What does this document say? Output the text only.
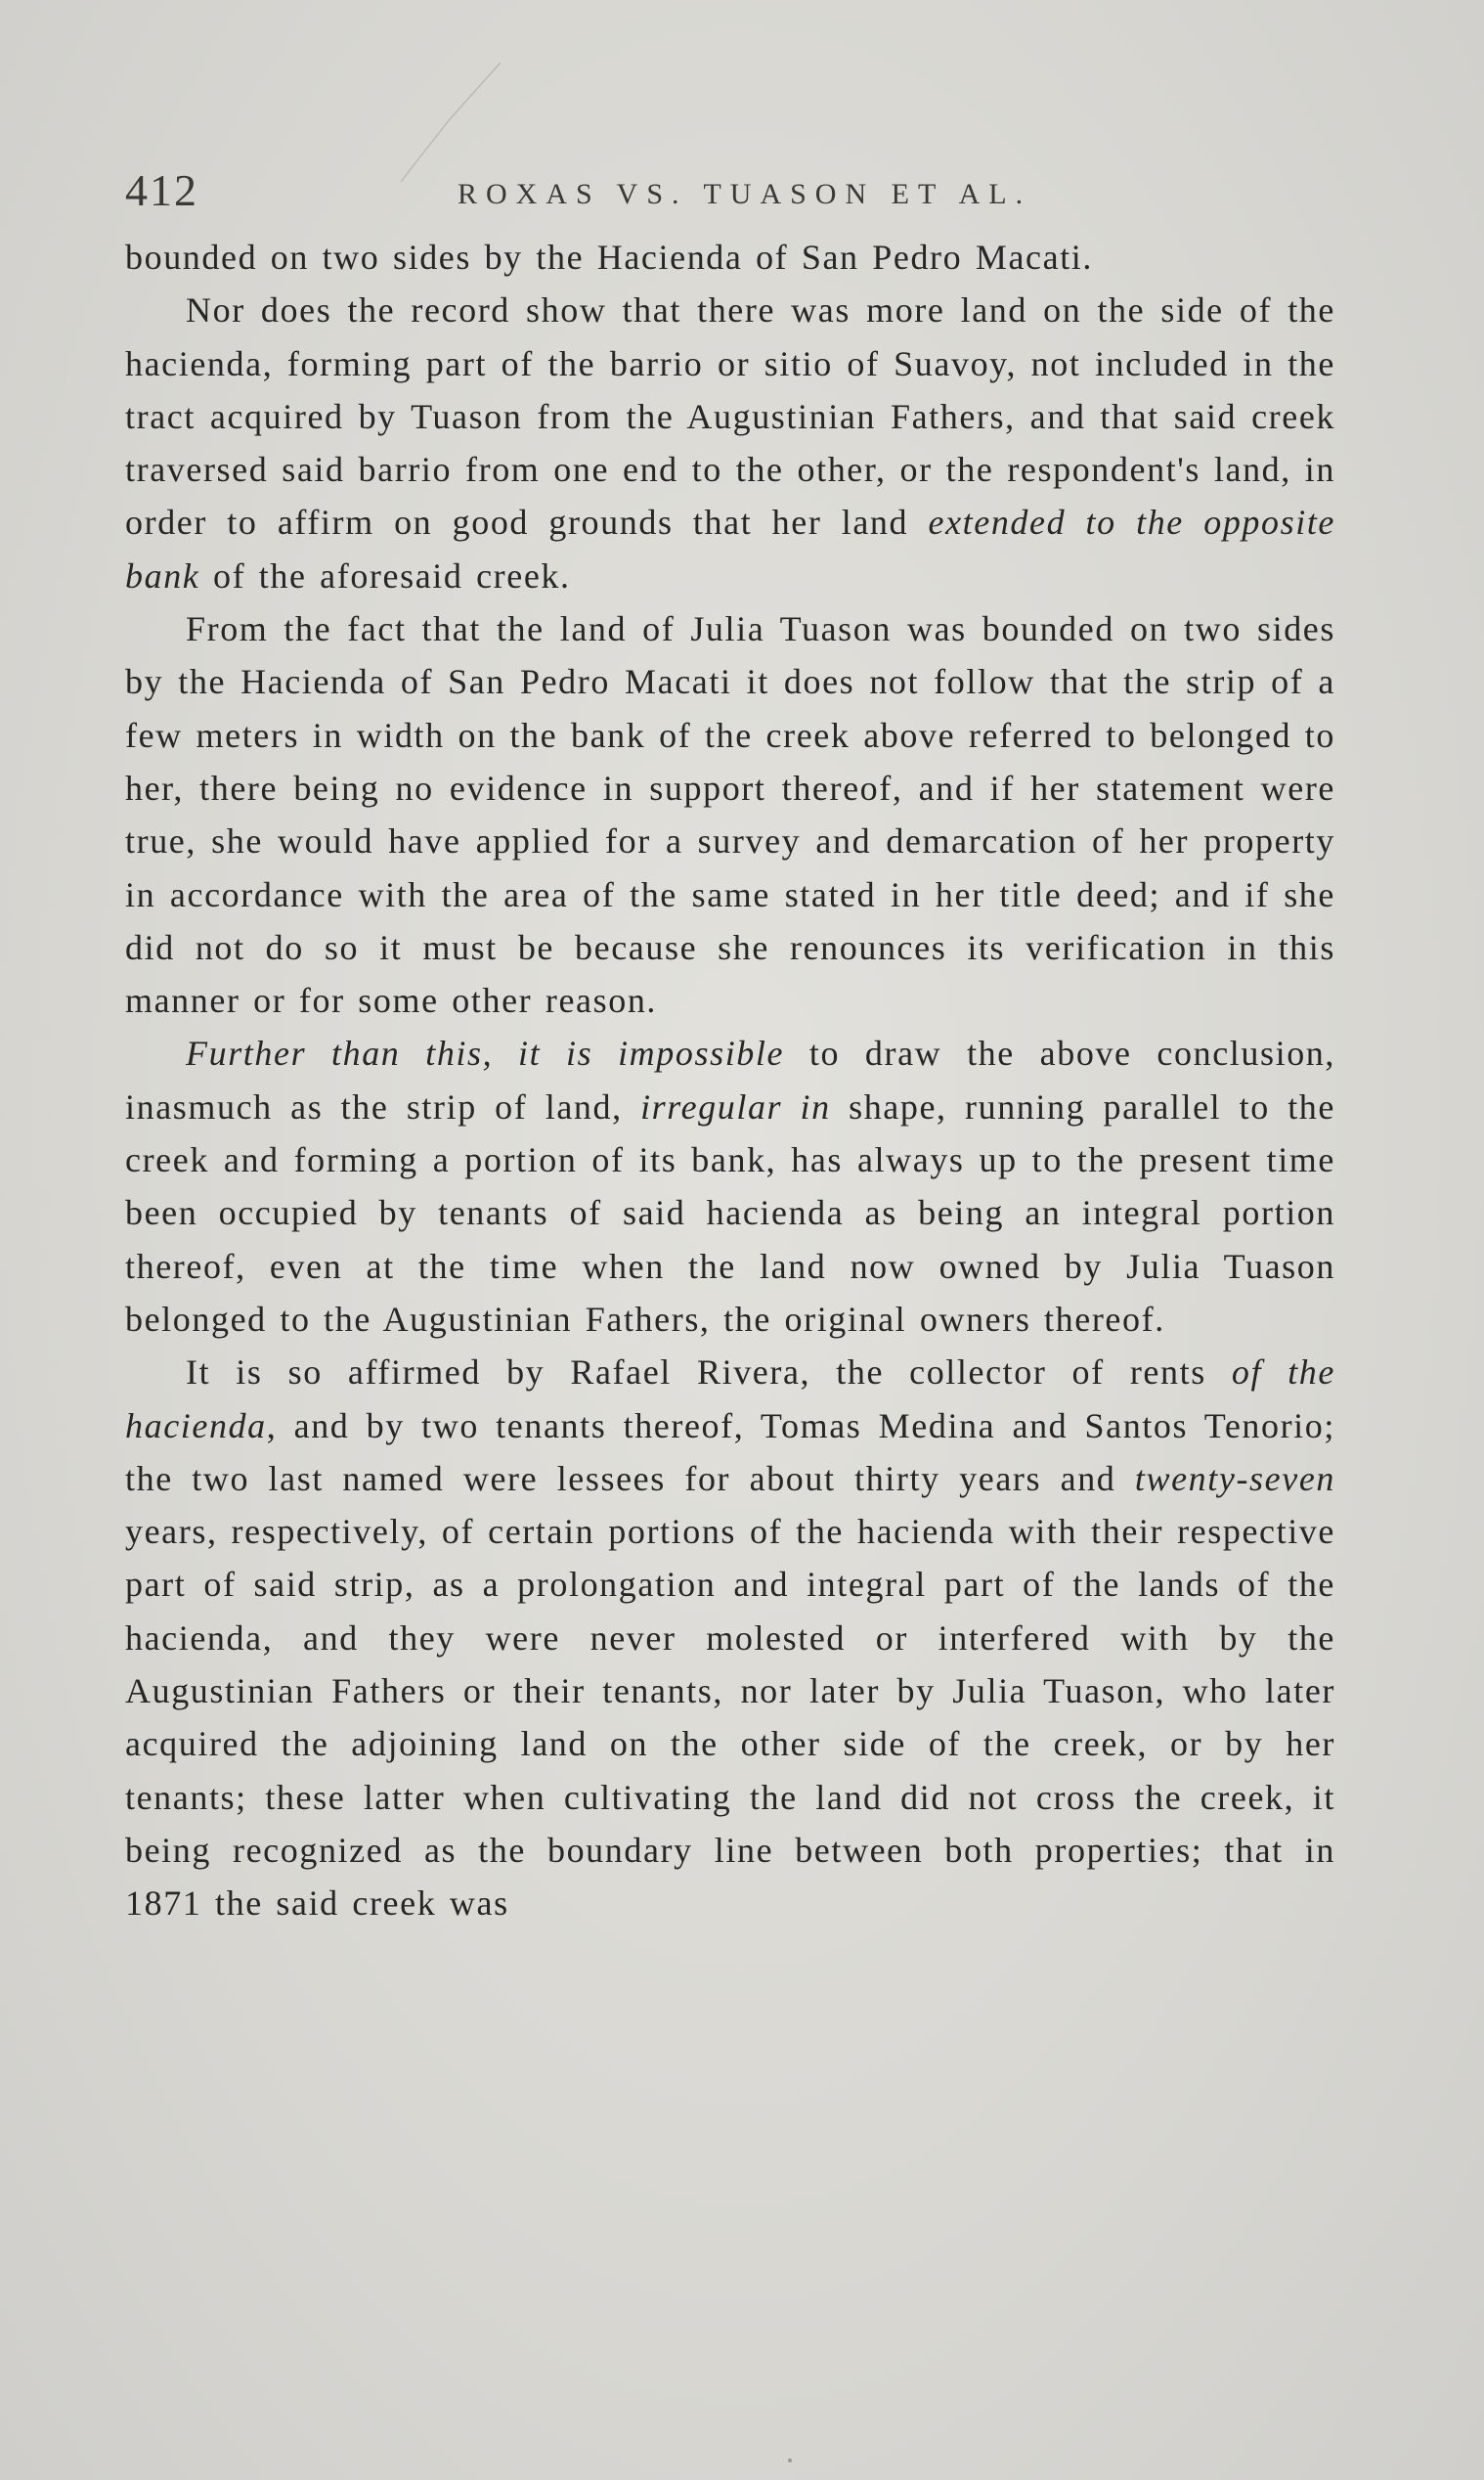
412	ROXAS VS. TUASON ET AL.

bounded on two sides by the Hacienda of San Pedro Macati.

Nor does the record show that there was more land on the side of the hacienda, forming part of the barrio or sitio of Suavoy, not included in the tract acquired by Tuason from the Augustinian Fathers, and that said creek traversed said barrio from one end to the other, or the respondent's land, in order to affirm on good grounds that her land extended to the opposite bank of the aforesaid creek.

From the fact that the land of Julia Tuason was bounded on two sides by the Hacienda of San Pedro Macati it does not follow that the strip of a few meters in width on the bank of the creek above referred to belonged to her, there being no evidence in support thereof, and if her statement were true, she would have applied for a survey and demarcation of her property in accordance with the area of the same stated in her title deed; and if she did not do so it must be because she renounces its verification in this manner or for some other reason.

Further than this, it is impossible to draw the above conclusion, inasmuch as the strip of land, irregular in shape, running parallel to the creek and forming a portion of its bank, has always up to the present time been occupied by tenants of said hacienda as being an integral portion thereof, even at the time when the land now owned by Julia Tuason belonged to the Augustinian Fathers, the original owners thereof.

It is so affirmed by Rafael Rivera, the collector of rents of the hacienda, and by two tenants thereof, Tomas Medina and Santos Tenorio; the two last named were lessees for about thirty years and twenty-seven years, respectively, of certain portions of the hacienda with their respective part of said strip, as a prolongation and integral part of the lands of the hacienda, and they were never molested or interfered with by the Augustinian Fathers or their tenants, nor later by Julia Tuason, who later acquired the adjoining land on the other side of the creek, or by her tenants; these latter when cultivating the land did not cross the creek, it being recognized as the boundary line between both properties; that in 1871 the said creek was
